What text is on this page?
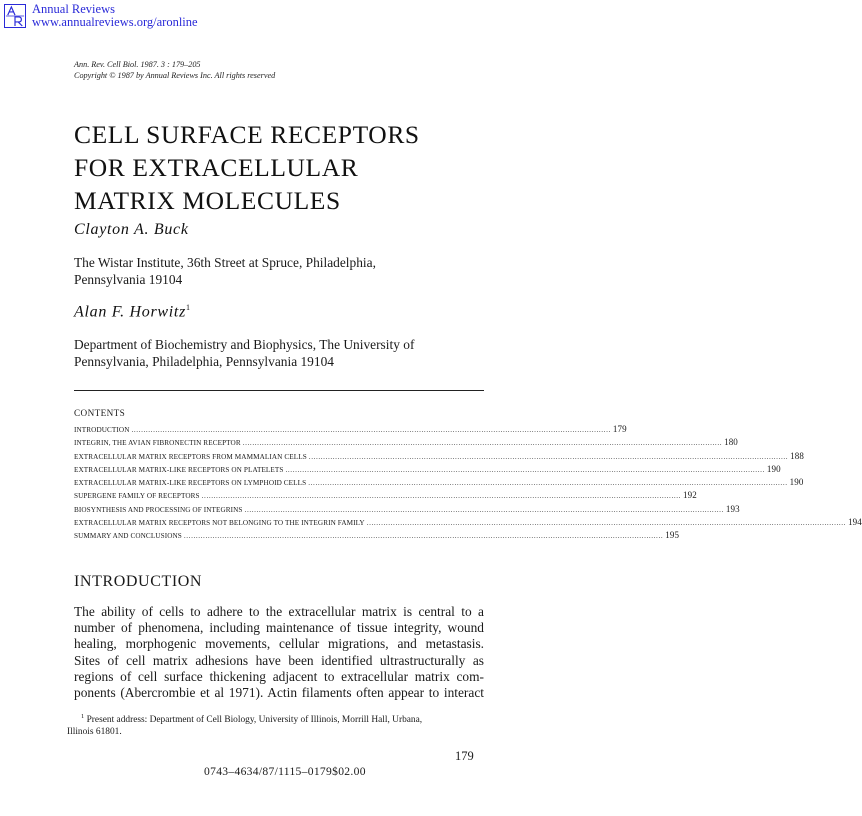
Annual Reviews
www.annualreviews.org/aronline
Ann. Rev. Cell Biol. 1987. 3 : 179–205
Copyright © 1987 by Annual Reviews Inc. All rights reserved
CELL SURFACE RECEPTORS
FOR EXTRACELLULAR
MATRIX MOLECULES
Clayton A. Buck
The Wistar Institute, 36th Street at Spruce, Philadelphia,
Pennsylvania 19104
Alan F. Horwitz$^1$
Department of Biochemistry and Biophysics, The University of
Pennsylvania, Philadelphia, Pennsylvania 19104
CONTENTS
INTRODUCTION ........................................................................................................................................................................................................ 179
INTEGRIN, THE AVIAN FIBRONECTIN RECEPTOR ........................................................................................................................................................................................................ 180
EXTRACELLULAR MATRIX RECEPTORS FROM MAMMALIAN CELLS ........................................................................................................................................................................................................ 188
EXTRACELLULAR MATRIX-LIKE RECEPTORS ON PLATELETS ........................................................................................................................................................................................................ 190
EXTRACELLULAR MATRIX-LIKE RECEPTORS ON LYMPHOID CELLS ........................................................................................................................................................................................................ 190
SUPERGENE FAMILY OF RECEPTORS ........................................................................................................................................................................................................ 192
BIOSYNTHESIS AND PROCESSING OF INTEGRINS ........................................................................................................................................................................................................ 193
EXTRACELLULAR MATRIX RECEPTORS NOT BELONGING TO THE INTEGRIN FAMILY ........................................................................................................................................................................................................ 194
SUMMARY AND CONCLUSIONS ........................................................................................................................................................................................................ 195
INTRODUCTION
The ability of cells to adhere to the extracellular matrix is central to a
number of phenomena, including maintenance of tissue integrity, wound
healing, morphogenic movements, cellular migrations, and metastasis.
Sites of cell matrix adhesions have been identified ultrastructurally as
regions of cell surface thickening adjacent to extracellular matrix com-
ponents (Abercrombie et al 1971). Actin filaments often appear to interact
$^1$ Present address: Department of Cell Biology, University of Illinois, Morrill Hall, Urbana,
Illinois 61801.
179
0743–4634/87/1115–0179$02.00
